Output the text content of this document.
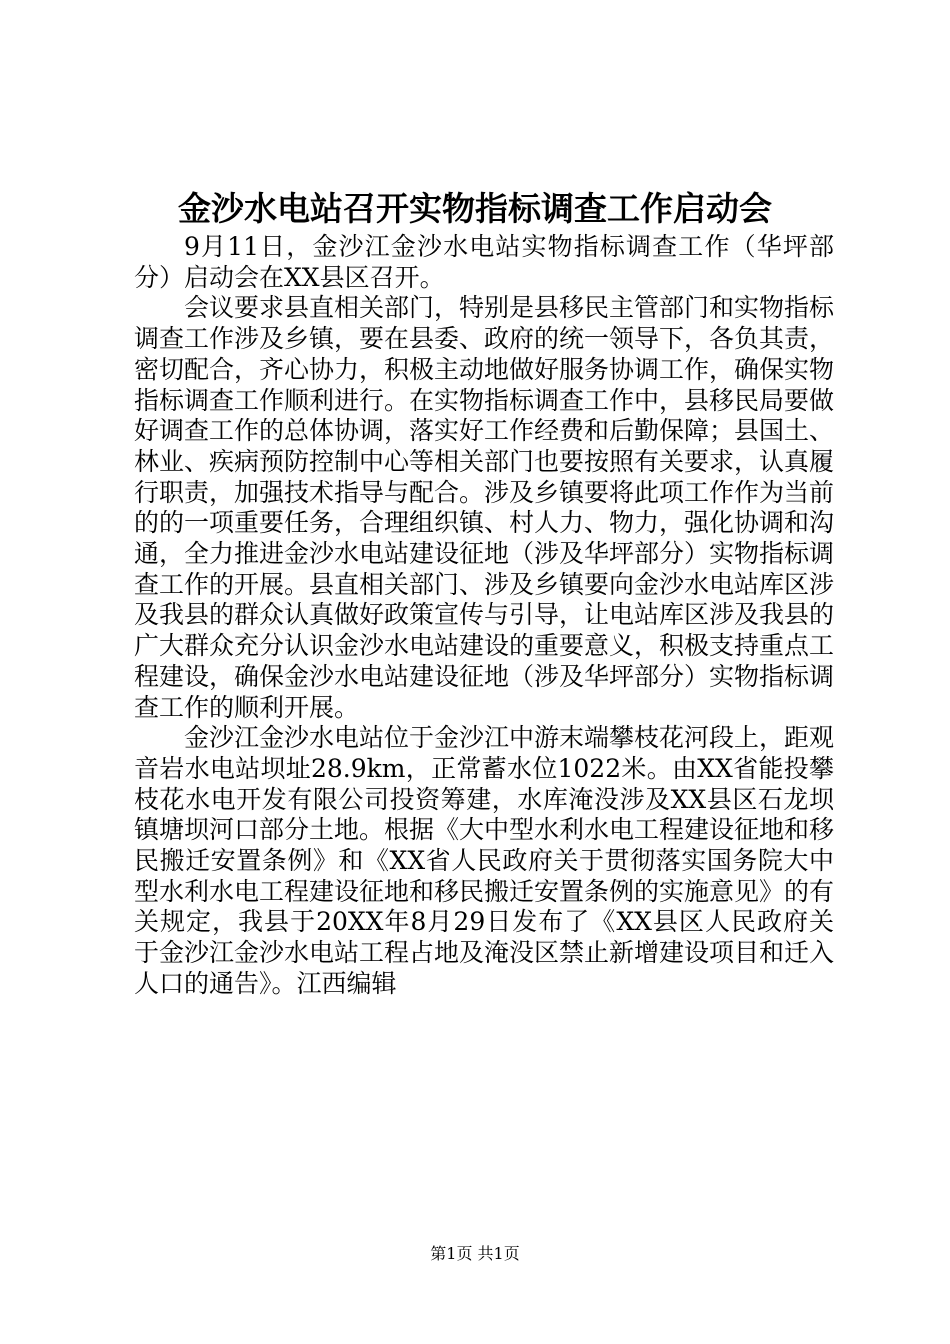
金沙水电站召开实物指标调查工作启动会

9月11日，金沙江金沙水电站实物指标调查工作（华坪部分）启动会在XX县区召开。

会议要求县直相关部门，特别是县移民主管部门和实物指标调查工作涉及乡镇，要在县委、政府的统一领导下，各负其责，密切配合，齐心协力，积极主动地做好服务协调工作，确保实物指标调查工作顺利进行。在实物指标调查工作中，县移民局要做好调查工作的总体协调，落实好工作经费和后勤保障；县国土、林业、疾病预防控制中心等相关部门也要按照有关要求，认真履行职责，加强技术指导与配合。涉及乡镇要将此项工作作为当前的的一项重要任务，合理组织镇、村人力、物力，强化协调和沟通，全力推进金沙水电站建设征地（涉及华坪部分）实物指标调查工作的开展。县直相关部门、涉及乡镇要向金沙水电站库区涉及我县的群众认真做好政策宣传与引导，让电站库区涉及我县的广大群众充分认识金沙水电站建设的重要意义，积极支持重点工程建设，确保金沙水电站建设征地（涉及华坪部分）实物指标调查工作的顺利开展。

金沙江金沙水电站位于金沙江中游末端攀枝花河段上，距观音岩水电站坝址28.9km，正常蓄水位1022米。由XX省能投攀枝花水电开发有限公司投资筹建，水库淹没涉及XX县区石龙坝镇塘坝河口部分土地。根据《大中型水利水电工程建设征地和移民搬迁安置条例》和《XX省人民政府关于贯彻落实国务院大中型水利水电工程建设征地和移民搬迁安置条例的实施意见》的有关规定，我县于20XX年8月29日发布了《XX县区人民政府关于金沙江金沙水电站工程占地及淹没区禁止新增建设项目和迁入人口的通告》。江西编辑

第1页 共1页
